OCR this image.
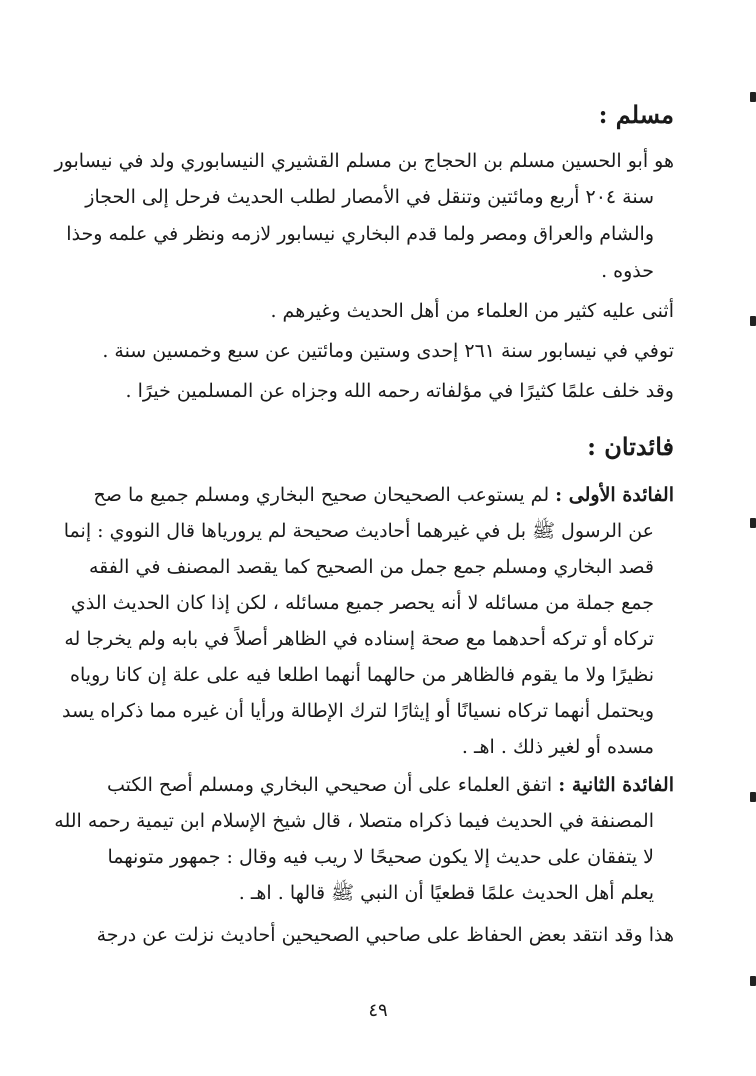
مسلم :
هو أبو الحسين مسلم بن الحجاج بن مسلم القشيري النيسابوري ولد في نيسابور
سنة ٢٠٤ أربع ومائتين وتنقل في الأمصار لطلب الحديث فرحل إلى الحجاز
والشام والعراق ومصر ولما قدم البخاري نيسابور لازمه ونظر في علمه وحذا
حذوه .
أثنى عليه كثير من العلماء من أهل الحديث وغيرهم .
توفي في نيسابور سنة ٢٦١ إحدى وستين ومائتين عن سبع وخمسين سنة .
وقد خلف علمًا كثيرًا في مؤلفاته رحمه الله وجزاه عن المسلمين خيرًا .
فائدتان :
الفائدة الأولى : لم يستوعب الصحيحان صحيح البخاري ومسلم جميع ما صح
عن الرسول ﷺ بل في غيرهما أحاديث صحيحة لم يرورياها قال النووي : إنما
قصد البخاري ومسلم جمع جمل من الصحيح كما يقصد المصنف في الفقه
جمع جملة من مسائله لا أنه يحصر جميع مسائله ، لكن إذا كان الحديث الذي
تركاه أو تركه أحدهما مع صحة إسناده في الظاهر أصلاً في بابه ولم يخرجا له
نظيرًا ولا ما يقوم فالظاهر من حالهما أنهما اطلعا فيه على علة إن كانا روياه
ويحتمل أنهما تركاه نسيانًا أو إيثارًا لترك الإطالة ورأيا أن غيره مما ذكراه يسد
مسده أو لغير ذلك . اهـ .
الفائدة الثانية : اتفق العلماء على أن صحيحي البخاري ومسلم أصح الكتب
المصنفة في الحديث فيما ذكراه متصلا ، قال شيخ الإسلام ابن تيمية رحمه الله
لا يتفقان على حديث إلا يكون صحيحًا لا ريب فيه وقال : جمهور متونهما
يعلم أهل الحديث علمًا قطعيًا أن النبي ﷺ قالها . اهـ .
هذا وقد انتقد بعض الحفاظ على صاحبي الصحيحين أحاديث نزلت عن درجة
٤٩
